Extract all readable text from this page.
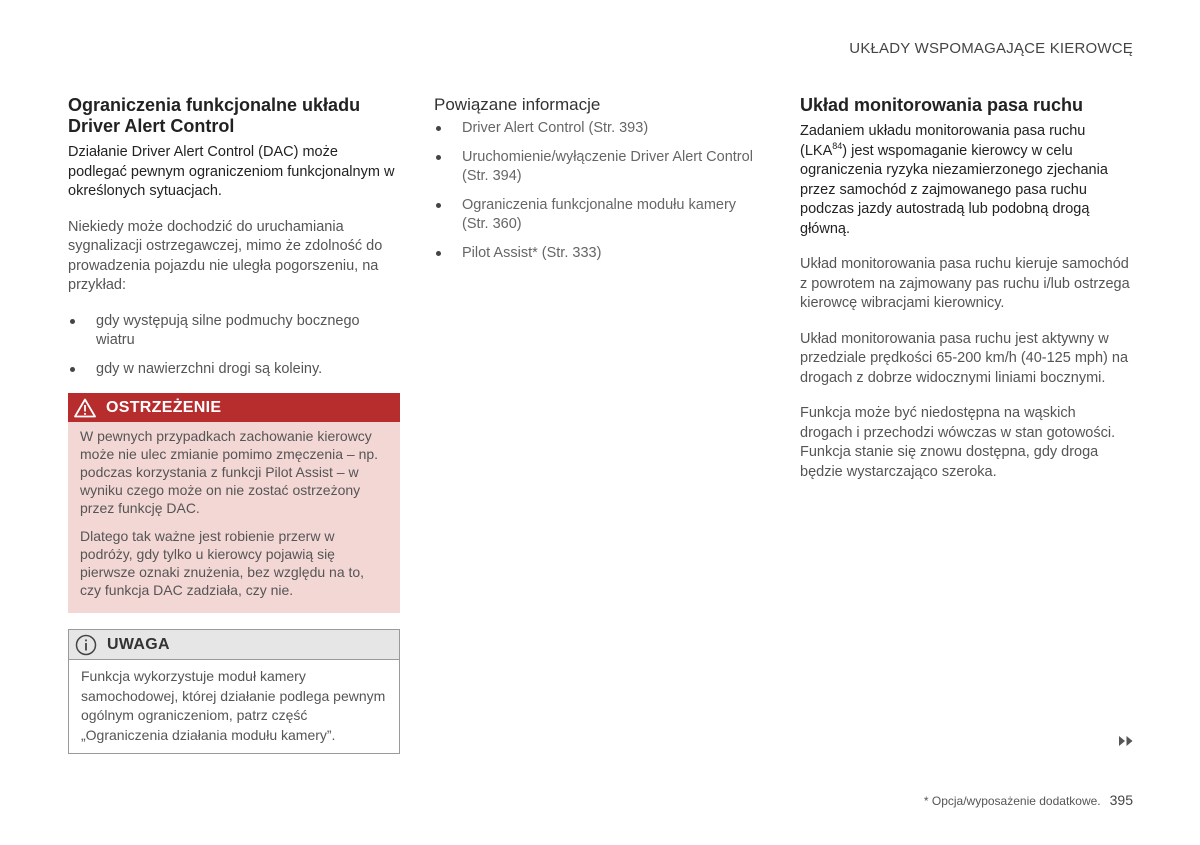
UKŁADY WSPOMAGAJĄCE KIEROWCĘ
Ograniczenia funkcjonalne układu Driver Alert Control

Działanie Driver Alert Control (DAC) może podlegać pewnym ograniczeniom funkcjonalnym w określonych sytuacjach.

Niekiedy może dochodzić do uruchamiania sygnalizacji ostrzegawczej, mimo że zdolność do prowadzenia pojazdu nie uległa pogorszeniu, na przykład:

gdy występują silne podmuchy bocznego wiatru
gdy w nawierzchni drogi są koleiny.
OSTRZEŻENIE

W pewnych przypadkach zachowanie kierowcy może nie ulec zmianie pomimo zmęczenia – np. podczas korzystania z funkcji Pilot Assist – w wyniku czego może on nie zostać ostrzeżony przez funkcję DAC.

Dlatego tak ważne jest robienie przerw w podróży, gdy tylko u kierowcy pojawią się pierwsze oznaki znużenia, bez względu na to, czy funkcja DAC zadziała, czy nie.

UWAGA

Funkcja wykorzystuje moduł kamery samochodowej, której działanie podlega pewnym ogólnym ograniczeniom, patrz część „Ograniczenia działania modułu kamery”.

Powiązane informacje
Driver Alert Control (Str. 393)
Uruchomienie/wyłączenie Driver Alert Control (Str. 394)
Ograniczenia funkcjonalne modułu kamery (Str. 360)
Pilot Assist* (Str. 333)
Układ monitorowania pasa ruchu

Zadaniem układu monitorowania pasa ruchu (LKA$^{84}$) jest wspomaganie kierowcy w celu ograniczenia ryzyka niezamierzonego zjechania przez samochód z zajmowanego pasa ruchu podczas jazdy autostradą lub podobną drogą główną.

Układ monitorowania pasa ruchu kieruje samochód z powrotem na zajmowany pas ruchu i/lub ostrzega kierowcę wibracjami kierownicy.

Układ monitorowania pasa ruchu jest aktywny w przedziale prędkości 65-200 km/h (40-125 mph) na drogach z dobrze widocznymi liniami bocznymi.

Funkcja może być niedostępna na wąskich drogach i przechodzi wówczas w stan gotowości. Funkcja stanie się znowu dostępna, gdy droga będzie wystarczająco szeroka.

* Opcja/wyposażenie dodatkowe. 395
